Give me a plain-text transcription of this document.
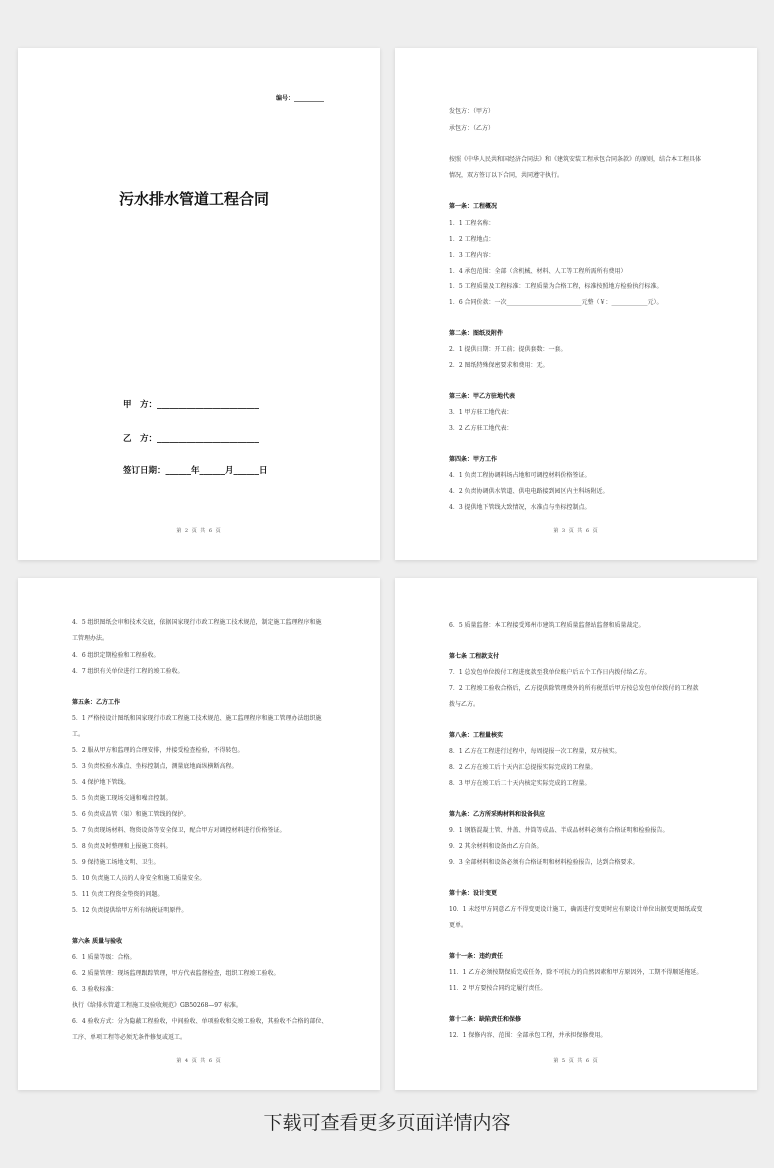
编号：__________
污水排水管道工程合同
甲　方：________________________
乙　方：________________________
签订日期：______年______月______日
第 2 页 共 6 页
发包方：（甲方）
承包方：（乙方）
按照《中华人民共和国经济合同法》和《建筑安装工程承包合同条款》的原则，结合本工程具体
情况，双方签订以下合同，共同遵守执行。
第一条：工程概况
1．1 工程名称：
1．2 工程地点：
1．3 工程内容：
1．4 承包范围：全部（含机械、材料、人工等工程所需所有费用）
1．5 工程质量及工程标准：工程质量为合格工程，标准按照地方检验执行标准。
1．6 合同价款：一次_________________________元整（￥：____________元）。
第二条：图纸及附件
2．1 提供日期：开工前；提供套数：一套。
2．2 图纸特殊保密要求和费用：无。
第三条：甲乙方驻地代表
3．1 甲方驻工地代表：
3．2 乙方驻工地代表：
第四条：甲方工作
4．1 负责工程协调料场占地和可调控材料价格签证。
4．2 负责协调供水管道、供电电路接到园区内主科场附近。
4．3 提供地下管线大致情况，水准点与坐标控制点。
第 3 页 共 6 页
4．5 组织图纸会审和技术交底，依据国家现行市政工程施工技术规范，制定施工监理程序和施
工管理办法。
4．6 组织定期检验和工程验收。
4．7 组织有关单位进行工程的竣工验收。
第五条：乙方工作
5．1 严格按设计图纸和国家现行市政工程施工技术规范、施工监理程序和施工管理办法组织施
工。
5．2 服从甲方和监理的合理安排，并接受检查检验，不得转包。
5．3 负责校验水准点、坐标控制点，测量底地面纵横断高程。
5．4 保护地下管线。
5．5 负责施工现场交通和噪音控制。
5．6 负责成品管（渠）和施工管线的保护。
5．7 负责现场材料、物资设备等安全保卫，配合甲方对调控材料进行价格签证。
5．8 负责及时整理和上报施工资料。
5．9 保持施工场地文明、卫生。
5．10 负责施工人员的人身安全和施工质量安全。
5．11 负责工程资金垫资的问题。
5．12 负责提供给甲方所有纳税证明原件。
第六条 质量与验收
6．1 质量等级：合格。
6．2 质量管理：现场监理跟踪管理，甲方代表监督检查，组织工程竣工验收。
6．3 验收标准：
执行《给排水管道工程施工及验收规范》GB50268—97 标准。
6．4 验收方式：分为隐蔽工程验收，中间验收、单项验收和交竣工验收，其验收不合格的部位、
工序、单项工程等必须无条件修复或返工。
第 4 页 共 6 页
6．5 质量监督：本工程接受郑州市建筑工程质量监督站监督和质量裁定。
第七条 工程款支付
7．1 总发包单位拨付工程进度款至我单位账户后五个工作日内拨付给乙方。
7．2 工程竣工验收合格后，乙方提供除管理费外的所有税票后甲方按总发包单位拨付的工程款
拨与乙方。
第八条：工程量核实
8．1 乙方在工程进行过程中，每周提报一次工程量，双方核实。
8．2 乙方在竣工后十天内汇总提报实际完成的工程量。
8．3 甲方在竣工后二十天内核定实际完成的工程量。
第九条：乙方所采购材料和设备供应
9．1 钢筋混凝土管、井盖、井筒等成品、半成品材料必须有合格证明和检验报告。
9．2 其余材料和设备由乙方自备。
9．3 全部材料和设备必须有合格证明和材料检验报告，达到合格要求。
第十条：设计变更
10．1 未经甲方同意乙方不得变更设计施工，确需进行变更时应有原设计单位出据变更图纸或变
更单。
第十一条：违约责任
11．1 乙方必须按期保质完成任务，除不可抗力的自然因素和甲方原因外，工期不得顺延拖延。
11．2 甲方要按合同约定履行责任。
第十二条：缺陷责任和保修
12．1 保修内容、范围：全部承包工程，并承担保修费用。
第 5 页 共 6 页
下载可查看更多页面详情内容
